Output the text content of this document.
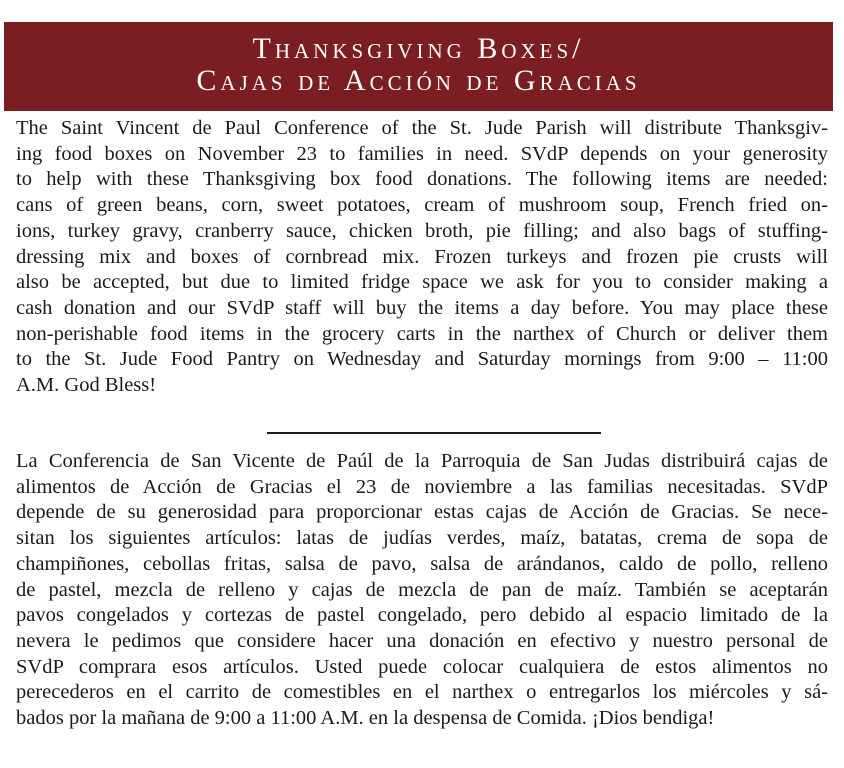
Thanksgiving Boxes/
Cajas de Acción de Gracias
The Saint Vincent de Paul Conference of the St. Jude Parish will distribute Thanksgiv-
ing food boxes on November 23 to families in need. SVdP depends on your generosity
to help with these Thanksgiving box food donations. The following items are needed:
cans of green beans, corn, sweet potatoes, cream of mushroom soup, French fried on-
ions, turkey gravy, cranberry sauce, chicken broth, pie filling; and also bags of stuffing-
dressing mix and boxes of cornbread mix. Frozen turkeys and frozen pie crusts will
also be accepted, but due to limited fridge space we ask for you to consider making a
cash donation and our SVdP staff will buy the items a day before. You may place these
non-perishable food items in the grocery carts in the narthex of Church or deliver them
to the St. Jude Food Pantry on Wednesday and Saturday mornings from 9:00 – 11:00
A.M. God Bless!
La Conferencia de San Vicente de Paúl de la Parroquia de San Judas distribuirá cajas de
alimentos de Acción de Gracias el 23 de noviembre a las familias necesitadas. SVdP
depende de su generosidad para proporcionar estas cajas de Acción de Gracias. Se nece-
sitan los siguientes artículos: latas de judías verdes, maíz, batatas, crema de sopa de
champiñones, cebollas fritas, salsa de pavo, salsa de arándanos, caldo de pollo, relleno
de pastel, mezcla de relleno y cajas de mezcla de pan de maíz. También se aceptarán
pavos congelados y cortezas de pastel congelado, pero debido al espacio limitado de la
nevera le pedimos que considere hacer una donación en efectivo y nuestro personal de
SVdP comprara esos artículos. Usted puede colocar cualquiera de estos alimentos no
perecederos en el carrito de comestibles en el narthex o entregarlos los miércoles y sá-
bados por la mañana de 9:00 a 11:00 A.M. en la despensa de Comida. ¡Dios bendiga!
